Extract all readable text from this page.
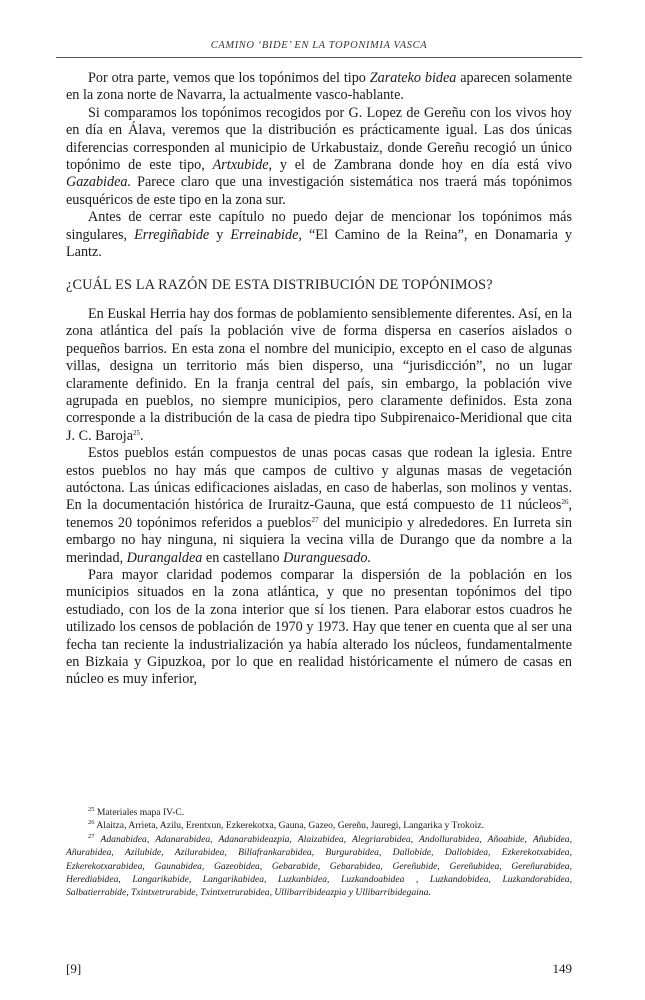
CAMINO ‘BIDE’ EN LA TOPONIMIA VASCA

Por otra parte, vemos que los topónimos del tipo Zarateko bidea aparecen solamente en la zona norte de Navarra, la actualmente vasco-hablante.

Si comparamos los topónimos recogidos por G. Lopez de Gereñu con los vivos hoy en día en Álava, veremos que la distribución es prácticamente igual. Las dos únicas diferencias corresponden al municipio de Urkabustaiz, donde Gereñu recogió un único topónimo de este tipo, Artxubide, y el de Zambrana donde hoy en día está vivo Gazabidea. Parece claro que una investigación sistemática nos traerá más topónimos eusquéricos de este tipo en la zona sur.

Antes de cerrar este capítulo no puedo dejar de mencionar los topónimos más singulares, Erregiñabide y Erreinabide, “El Camino de la Reina”, en Donamaria y Lantz.

¿CUÁL ES LA RAZÓN DE ESTA DISTRIBUCIÓN DE TOPÓNIMOS?

En Euskal Herria hay dos formas de poblamiento sensiblemente diferentes. Así, en la zona atlántica del país la población vive de forma dispersa en caseríos aislados o pequeños barrios. En esta zona el nombre del municipio, excepto en el caso de algunas villas, designa un territorio más bien disperso, una “jurisdicción”, no un lugar claramente definido. En la franja central del país, sin embargo, la población vive agrupada en pueblos, no siempre municipios, pero claramente definidos. Esta zona corresponde a la distribución de la casa de piedra tipo Subpirenaico-Meridional que cita J. C. Baroja$^{25}$.

Estos pueblos están compuestos de unas pocas casas que rodean la iglesia. Entre estos pueblos no hay más que campos de cultivo y algunas masas de vegetación autóctona. Las únicas edificaciones aisladas, en caso de haberlas, son molinos y ventas. En la documentación histórica de Iruraitz-Gauna, que está compuesto de 11 núcleos$^{26}$, tenemos 20 topónimos referidos a pueblos$^{27}$ del municipio y alrededores. En Iurreta sin embargo no hay ninguna, ni siquiera la vecina villa de Durango que da nombre a la merindad, Durangaldea en castellano Duranguesado.

Para mayor claridad podemos comparar la dispersión de la población en los municipios situados en la zona atlántica, y que no presentan topónimos del tipo estudiado, con los de la zona interior que sí los tienen. Para elaborar estos cuadros he utilizado los censos de población de 1970 y 1973. Hay que tener en cuenta que al ser una fecha tan reciente la industrialización ya había alterado los núcleos, fundamentalmente en Bizkaia y Gipuzkoa, por lo que en realidad históricamente el número de casas en núcleo es muy inferior,

$^{25}$ Materiales mapa IV-C.

$^{26}$ Alaitza, Arrieta, Azilu, Erentxun, Ezkerekotxa, Gauna, Gazeo, Gereñu, Jauregi, Langarika y Trokoiz.

$^{27}$ Adanabidea, Adanarabidea, Adanarabideazpia, Alaizabidea, Alegriarabidea, Andollurabidea, Añoabide, Añubidea, Añurabidea, Azilubide, Azilurabidea, Billafrankarabidea, Burgurabidea, Dallobide, Dallobidea, Ezkerekotxabidea, Ezkerekotxarabidea, Gaunabidea, Gazeobidea, Gebarabide, Gebarabidea, Gereñubide, Gereñubidea, Gereñurabidea, Herediabidea, Langarikabide, Langarikabidea, Luzkanbidea, Luzkandoabidea , Luzkandobidea, Luzkandorabidea, Salbatierrabide, Txintxetrurabide, Txintxetrurabidea, Ullibarribideazpia y Ullibarribidegaina.

[9]	149
